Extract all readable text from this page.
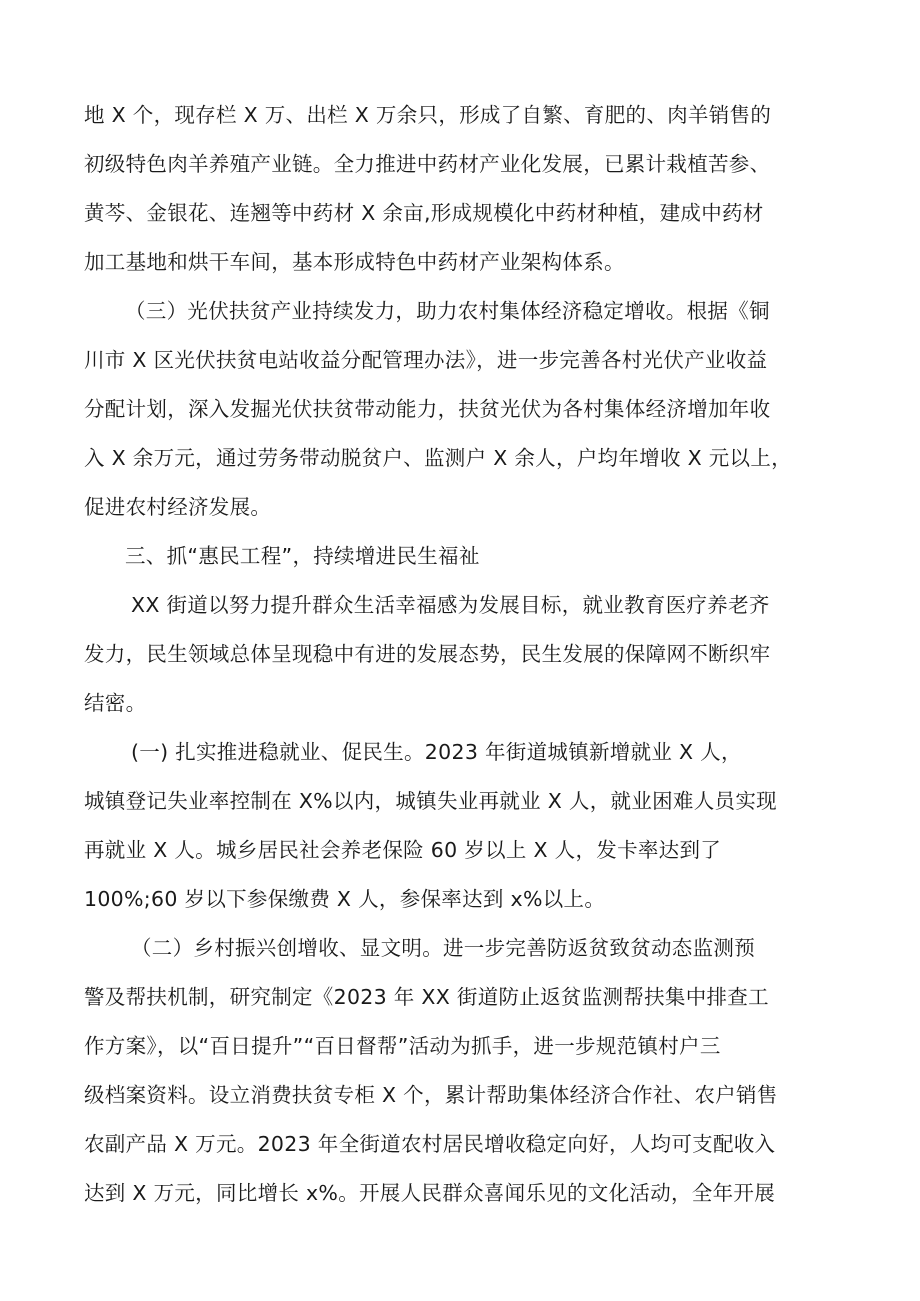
地 X 个，现存栏 X 万、出栏 X 万余只，形成了自繁、育肥的、肉羊销售的
初级特色肉羊养殖产业链。全力推进中药材产业化发展，已累计栽植苦参、
黄芩、金银花、连翘等中药材 X 余亩,形成规模化中药材种植，建成中药材
加工基地和烘干车间，基本形成特色中药材产业架构体系。
（三）光伏扶贫产业持续发力，助力农村集体经济稳定增收。根据《铜
川市 X 区光伏扶贫电站收益分配管理办法》，进一步完善各村光伏产业收益
分配计划，深入发掘光伏扶贫带动能力，扶贫光伏为各村集体经济增加年收
入 X 余万元，通过劳务带动脱贫户、监测户 X 余人，户均年增收 X 元以上，
促进农村经济发展。
三、抓“惠民工程”，持续增进民生福祉
XX 街道以努力提升群众生活幸福感为发展目标，就业教育医疗养老齐
发力，民生领域总体呈现稳中有进的发展态势，民生发展的保障网不断织牢
结密。
(一) 扎实推进稳就业、促民生。2023 年街道城镇新增就业 X 人，
城镇登记失业率控制在 X%以内，城镇失业再就业 X 人，就业困难人员实现
再就业 X 人。城乡居民社会养老保险 60 岁以上 X 人，发卡率达到了
100%;60 岁以下参保缴费 X 人，参保率达到 x%以上。
（二）乡村振兴创增收、显文明。进一步完善防返贫致贫动态监测预
警及帮扶机制，研究制定《2023 年 XX 街道防止返贫监测帮扶集中排查工
作方案》，以“百日提升”“百日督帮”活动为抓手，进一步规范镇村户三
级档案资料。设立消费扶贫专柜 X 个，累计帮助集体经济合作社、农户销售
农副产品 X 万元。2023 年全街道农村居民增收稳定向好，人均可支配收入
达到 X 万元，同比增长 x%。开展人民群众喜闻乐见的文化活动，全年开展
